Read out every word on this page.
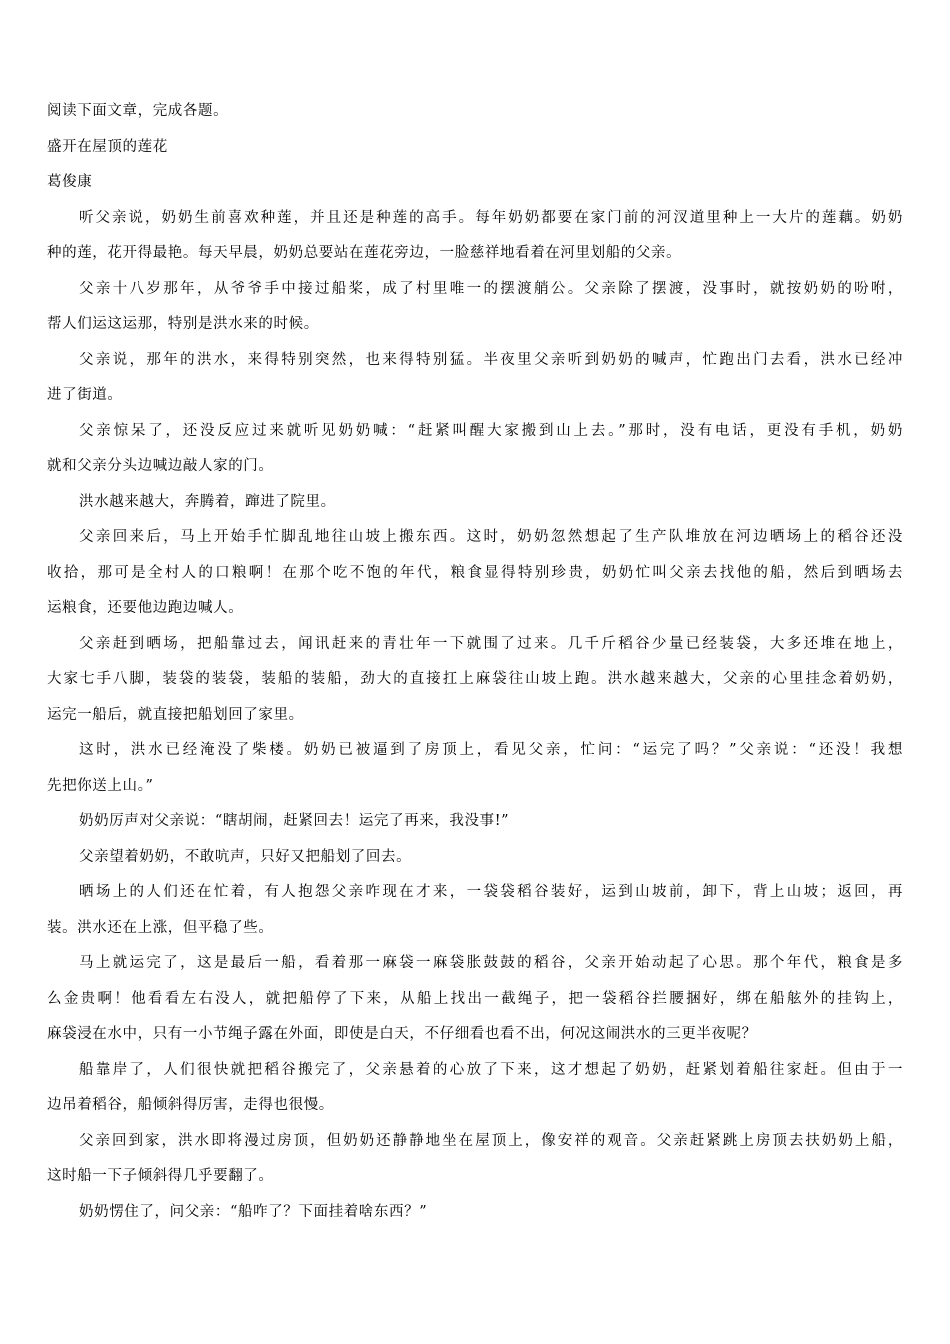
阅读下面文章，完成各题。
盛开在屋顶的莲花
葛俊康
听父亲说，奶奶生前喜欢种莲，并且还是种莲的高手。每年奶奶都要在家门前的河汊道里种上一大片的莲藕。奶奶
种的莲，花开得最艳。每天早晨，奶奶总要站在莲花旁边，一脸慈祥地看着在河里划船的父亲。
父亲十八岁那年，从爷爷手中接过船桨，成了村里唯一的摆渡艄公。父亲除了摆渡，没事时，就按奶奶的吩咐，
帮人们运这运那，特别是洪水来的时候。
父亲说，那年的洪水，来得特别突然，也来得特别猛。半夜里父亲听到奶奶的喊声，忙跑出门去看，洪水已经冲
进了街道。
父亲惊呆了，还没反应过来就听见奶奶喊：“赶紧叫醒大家搬到山上去。”那时，没有电话，更没有手机，奶奶
就和父亲分头边喊边敲人家的门。
洪水越来越大，奔腾着，蹿进了院里。
父亲回来后，马上开始手忙脚乱地往山坡上搬东西。这时，奶奶忽然想起了生产队堆放在河边晒场上的稻谷还没
收拾，那可是全村人的口粮啊！在那个吃不饱的年代，粮食显得特别珍贵，奶奶忙叫父亲去找他的船，然后到晒场去
运粮食，还要他边跑边喊人。
父亲赶到晒场，把船靠过去，闻讯赶来的青壮年一下就围了过来。几千斤稻谷少量已经装袋，大多还堆在地上，
大家七手八脚，装袋的装袋，装船的装船，劲大的直接扛上麻袋往山坡上跑。洪水越来越大，父亲的心里挂念着奶奶，
运完一船后，就直接把船划回了家里。
这时，洪水已经淹没了柴楼。奶奶已被逼到了房顶上，看见父亲，忙问：“运完了吗？”父亲说：“还没！我想
先把你送上山。”
奶奶厉声对父亲说：“瞎胡闹，赶紧回去！运完了再来，我没事!”
父亲望着奶奶，不敢吭声，只好又把船划了回去。
晒场上的人们还在忙着，有人抱怨父亲咋现在才来，一袋袋稻谷装好，运到山坡前，卸下，背上山坡；返回，再
装。洪水还在上涨，但平稳了些。
马上就运完了，这是最后一船，看着那一麻袋一麻袋胀鼓鼓的稻谷，父亲开始动起了心思。那个年代，粮食是多
么金贵啊！他看看左右没人，就把船停了下来，从船上找出一截绳子，把一袋稻谷拦腰捆好，绑在船舷外的挂钩上，
麻袋浸在水中，只有一小节绳子露在外面，即使是白天，不仔细看也看不出，何况这闹洪水的三更半夜呢？
船靠岸了，人们很快就把稻谷搬完了，父亲悬着的心放了下来，这才想起了奶奶，赶紧划着船往家赶。但由于一
边吊着稻谷，船倾斜得厉害，走得也很慢。
父亲回到家，洪水即将漫过房顶，但奶奶还静静地坐在屋顶上，像安祥的观音。父亲赶紧跳上房顶去扶奶奶上船，
这时船一下子倾斜得几乎要翻了。
奶奶愣住了，问父亲：“船咋了？下面挂着啥东西？”
